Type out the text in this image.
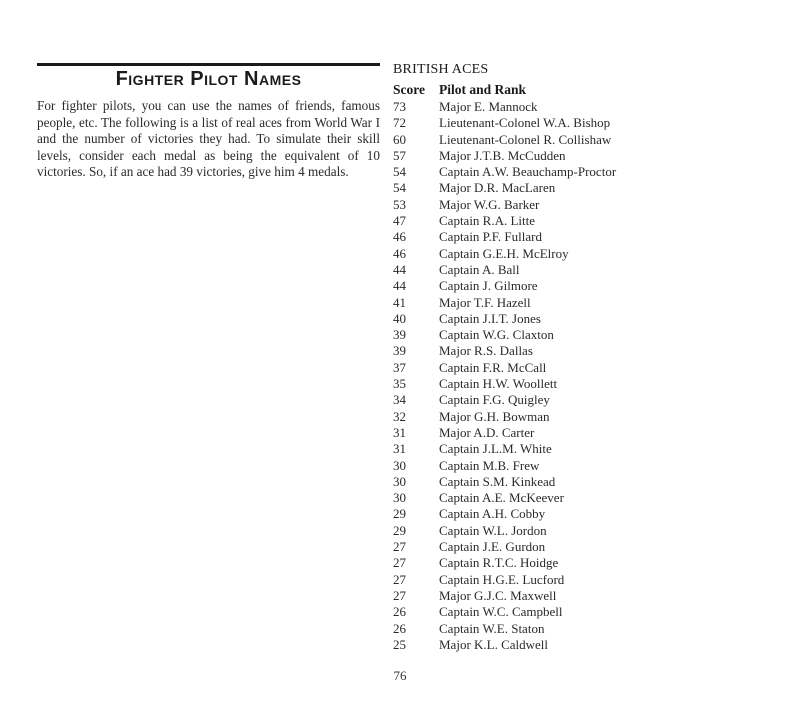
Fighter Pilot Names
For fighter pilots, you can use the names of friends, famous people, etc. The following is a list of real aces from World War I and the number of victories they had. To simulate their skill levels, consider each medal as being the equivalent of 10 victories. So, if an ace had 39 victories, give him 4 medals.
BRITISH ACES
Score Pilot and Rank
73	Major E. Mannock
72	Lieutenant-Colonel W.A. Bishop
60	Lieutenant-Colonel R. Collishaw
57	Major J.T.B. McCudden
54	Captain A.W. Beauchamp-Proctor
54	Major D.R. MacLaren
53	Major W.G. Barker
47	Captain R.A. Litte
46	Captain P.F. Fullard
46	Captain G.E.H. McElroy
44	Captain A. Ball
44	Captain J. Gilmore
41	Major T.F. Hazell
40	Captain J.I.T. Jones
39	Captain W.G. Claxton
39	Major R.S. Dallas
37	Captain F.R. McCall
35	Captain H.W. Woollett
34	Captain F.G. Quigley
32	Major G.H. Bowman
31	Major A.D. Carter
31	Captain J.L.M. White
30	Captain M.B. Frew
30	Captain S.M. Kinkead
30	Captain A.E. McKeever
29	Captain A.H. Cobby
29	Captain W.L. Jordon
27	Captain J.E. Gurdon
27	Captain R.T.C. Hoidge
27	Captain H.G.E. Lucford
27	Major G.J.C. Maxwell
26	Captain W.C. Campbell
26	Captain W.E. Staton
25	Major K.L. Caldwell
76
